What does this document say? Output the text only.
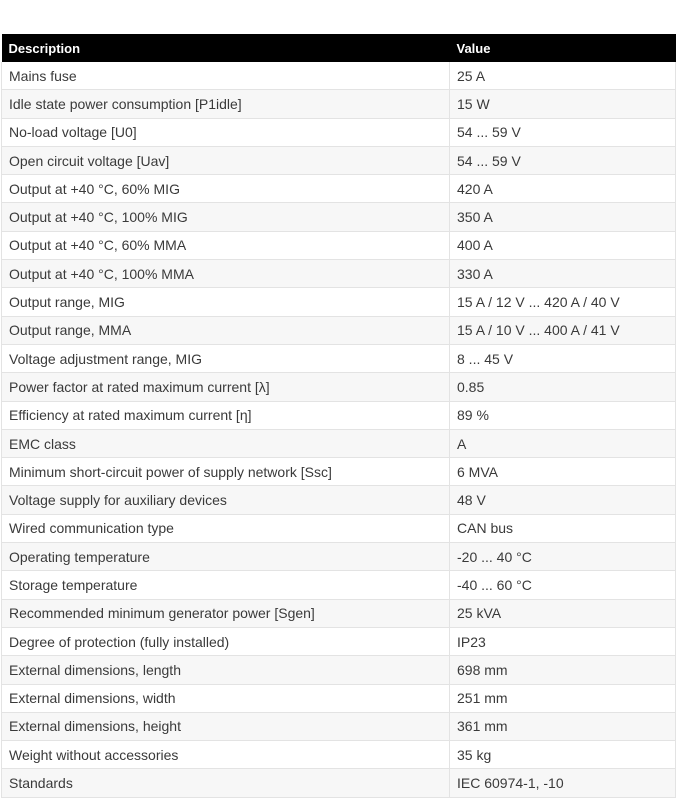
Description	Value
Mains fuse	25 A
Idle state power consumption [P1idle]	15 W
No-load voltage [U0]	54 ... 59 V
Open circuit voltage [Uav]	54 ... 59 V
Output at +40 °C, 60% MIG	420 A
Output at +40 °C, 100% MIG	350 A
Output at +40 °C, 60% MMA	400 A
Output at +40 °C, 100% MMA	330 A
Output range, MIG	15 A / 12 V ... 420 A / 40 V
Output range, MMA	15 A / 10 V ... 400 A / 41 V
Voltage adjustment range, MIG	8 ... 45 V
Power factor at rated maximum current [λ]	0.85
Efficiency at rated maximum current [η]	89 %
EMC class	A
Minimum short-circuit power of supply network [Ssc]	6 MVA
Voltage supply for auxiliary devices	48 V
Wired communication type	CAN bus
Operating temperature	-20 ... 40 °C
Storage temperature	-40 ... 60 °C
Recommended minimum generator power [Sgen]	25 kVA
Degree of protection (fully installed)	IP23
External dimensions, length	698 mm
External dimensions, width	251 mm
External dimensions, height	361 mm
Weight without accessories	35 kg
Standards	IEC 60974-1, -10
